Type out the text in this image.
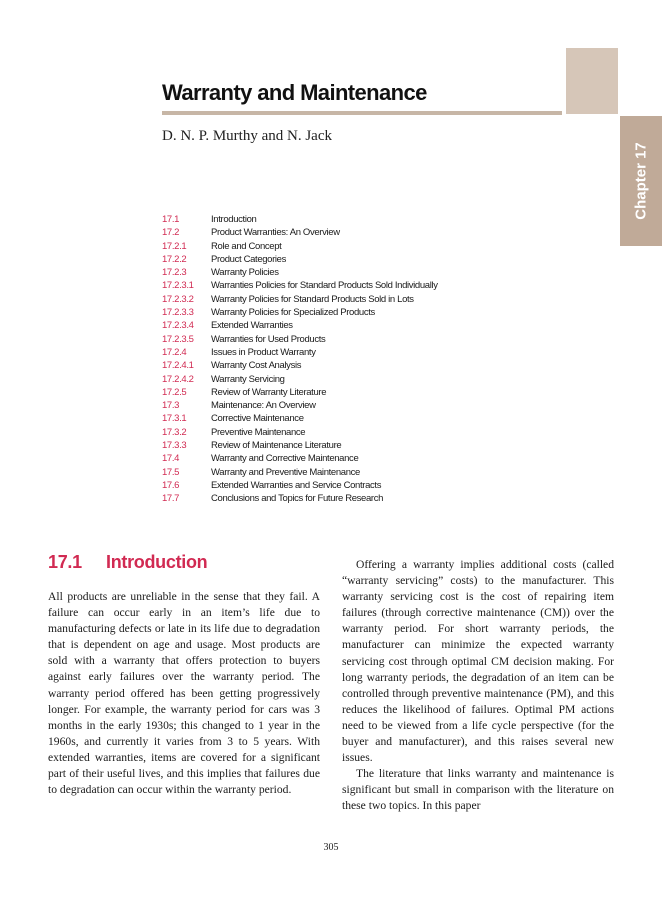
Chapter 17
Warranty and Maintenance
D. N. P. Murthy and N. Jack
17.1	Introduction
17.2	Product Warranties: An Overview
17.2.1	Role and Concept
17.2.2	Product Categories
17.2.3	Warranty Policies
17.2.3.1	Warranties Policies for Standard Products Sold Individually
17.2.3.2	Warranty Policies for Standard Products Sold in Lots
17.2.3.3	Warranty Policies for Specialized Products
17.2.3.4	Extended Warranties
17.2.3.5	Warranties for Used Products
17.2.4	Issues in Product Warranty
17.2.4.1	Warranty Cost Analysis
17.2.4.2	Warranty Servicing
17.2.5	Review of Warranty Literature
17.3	Maintenance: An Overview
17.3.1	Corrective Maintenance
17.3.2	Preventive Maintenance
17.3.3	Review of Maintenance Literature
17.4	Warranty and Corrective Maintenance
17.5	Warranty and Preventive Maintenance
17.6	Extended Warranties and Service Contracts
17.7	Conclusions and Topics for Future Research
17.1	Introduction

All products are unreliable in the sense that they fail. A failure can occur early in an item’s life due to manufacturing defects or late in its life due to degradation that is dependent on age and usage. Most products are sold with a warranty that offers protection to buyers against early failures over the warranty period. The warranty period offered has been getting progressively longer. For example, the warranty period for cars was 3 months in the early 1930s; this changed to 1 year in the 1960s, and currently it varies from 3 to 5 years. With extended warranties, items are covered for a significant part of their useful lives, and this implies that failures due to degradation can occur within the warranty period.

Offering a warranty implies additional costs (called “warranty servicing” costs) to the manufacturer. This warranty servicing cost is the cost of repairing item failures (through corrective maintenance (CM)) over the warranty period. For short warranty periods, the manufacturer can minimize the expected warranty servicing cost through optimal CM decision making. For long warranty periods, the degradation of an item can be controlled through preventive maintenance (PM), and this reduces the likelihood of failures. Optimal PM actions need to be viewed from a life cycle perspective (for the buyer and manufacturer), and this raises several new issues.

The literature that links warranty and maintenance is significant but small in comparison with the literature on these two topics. In this paper

305
